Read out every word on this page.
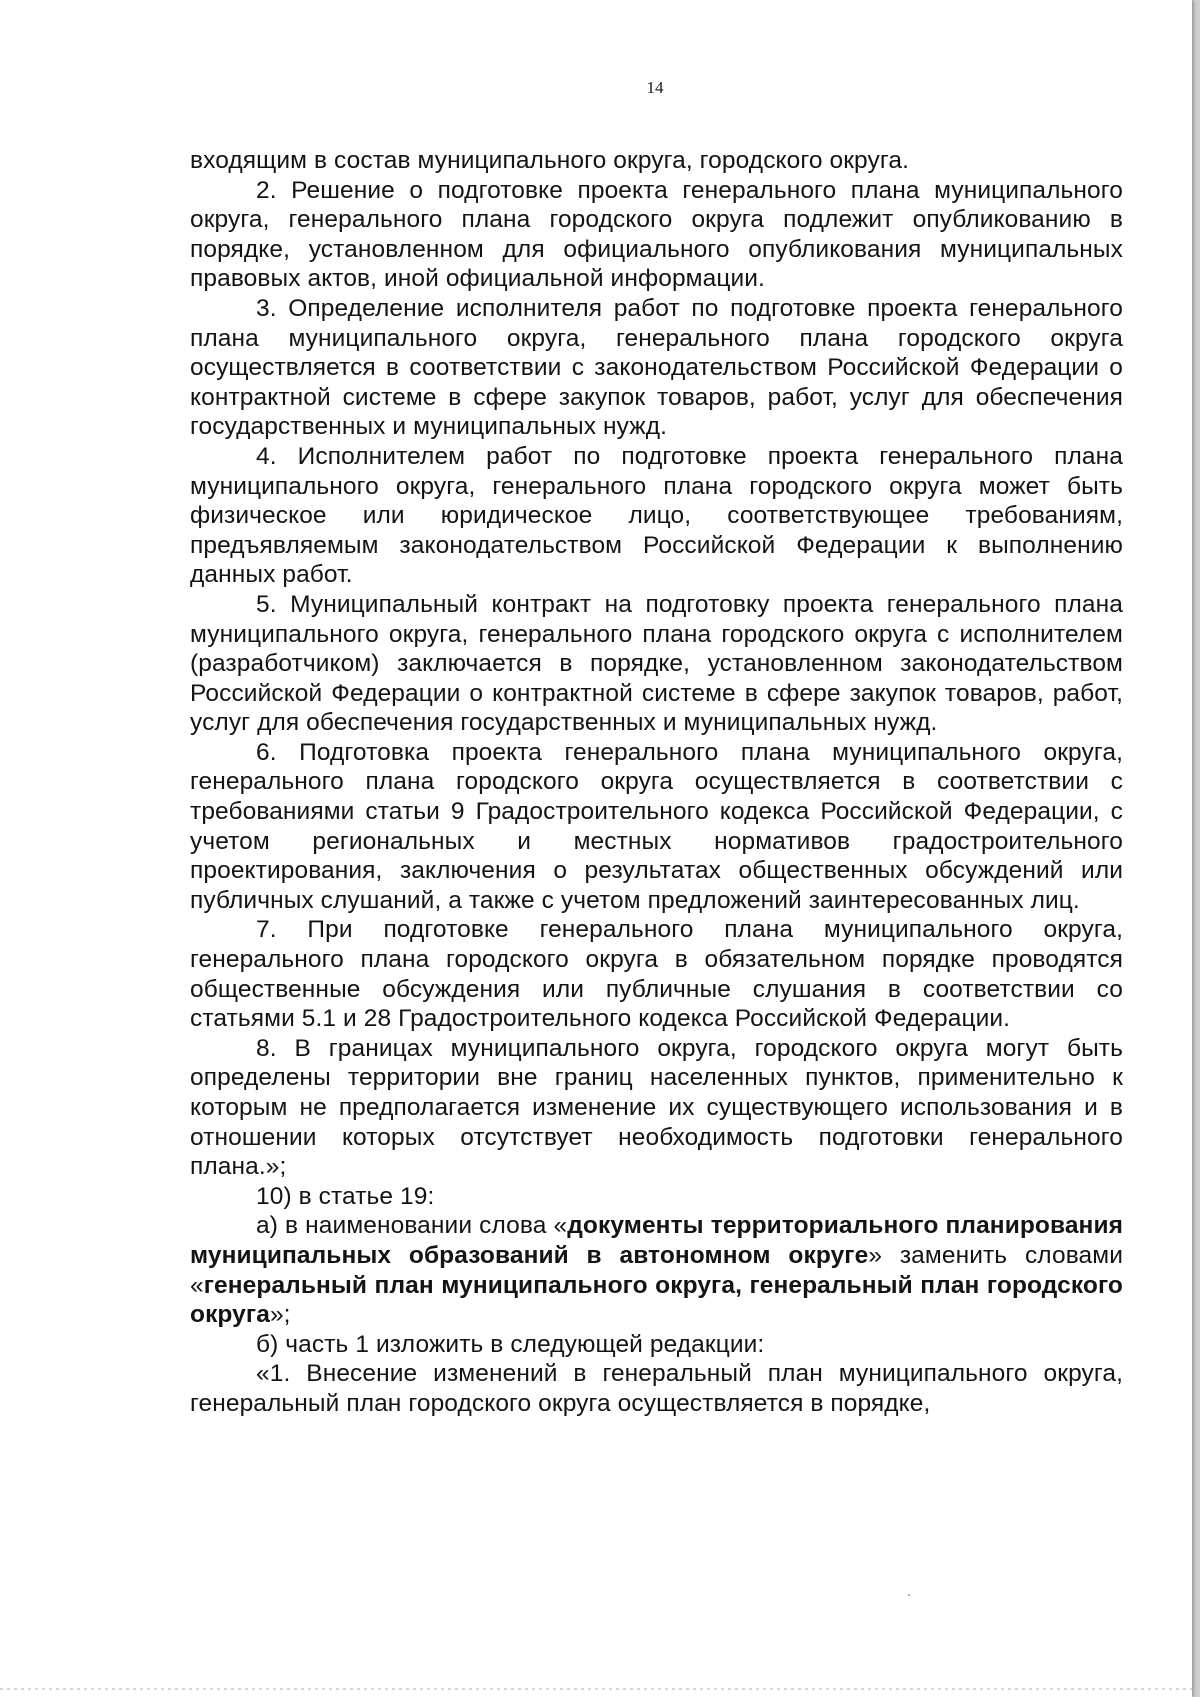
14

входящим в состав муниципального округа, городского округа.

2. Решение о подготовке проекта генерального плана муниципального округа, генерального плана городского округа подлежит опубликованию в порядке, установленном для официального опубликования муниципальных правовых актов, иной официальной информации.

3. Определение исполнителя работ по подготовке проекта генерального плана муниципального округа, генерального плана городского округа осуществляется в соответствии с законодательством Российской Федерации о контрактной системе в сфере закупок товаров, работ, услуг для обеспечения государственных и муниципальных нужд.

4. Исполнителем работ по подготовке проекта генерального плана муниципального округа, генерального плана городского округа может быть физическое или юридическое лицо, соответствующее требованиям, предъявляемым законодательством Российской Федерации к выполнению данных работ.

5. Муниципальный контракт на подготовку проекта генерального плана муниципального округа, генерального плана городского округа с исполнителем (разработчиком) заключается в порядке, установленном законодательством Российской Федерации о контрактной системе в сфере закупок товаров, работ, услуг для обеспечения государственных и муниципальных нужд.

6. Подготовка проекта генерального плана муниципального округа, генерального плана городского округа осуществляется в соответствии с требованиями статьи 9 Градостроительного кодекса Российской Федерации, с учетом региональных и местных нормативов градостроительного проектирования, заключения о результатах общественных обсуждений или публичных слушаний, а также с учетом предложений заинтересованных лиц.

7. При подготовке генерального плана муниципального округа, генерального плана городского округа в обязательном порядке проводятся общественные обсуждения или публичные слушания в соответствии со статьями 5.1 и 28 Градостроительного кодекса Российской Федерации.

8. В границах муниципального округа, городского округа могут быть определены территории вне границ населенных пунктов, применительно к которым не предполагается изменение их существующего использования и в отношении которых отсутствует необходимость подготовки генерального плана.»;

10) в статье 19:

а) в наименовании слова «документы территориального планирования муниципальных образований в автономном округе» заменить словами «генеральный план муниципального округа, генеральный план городского округа»;

б) часть 1 изложить в следующей редакции:

«1. Внесение изменений в генеральный план муниципального округа, генеральный план городского округа осуществляется в порядке,
